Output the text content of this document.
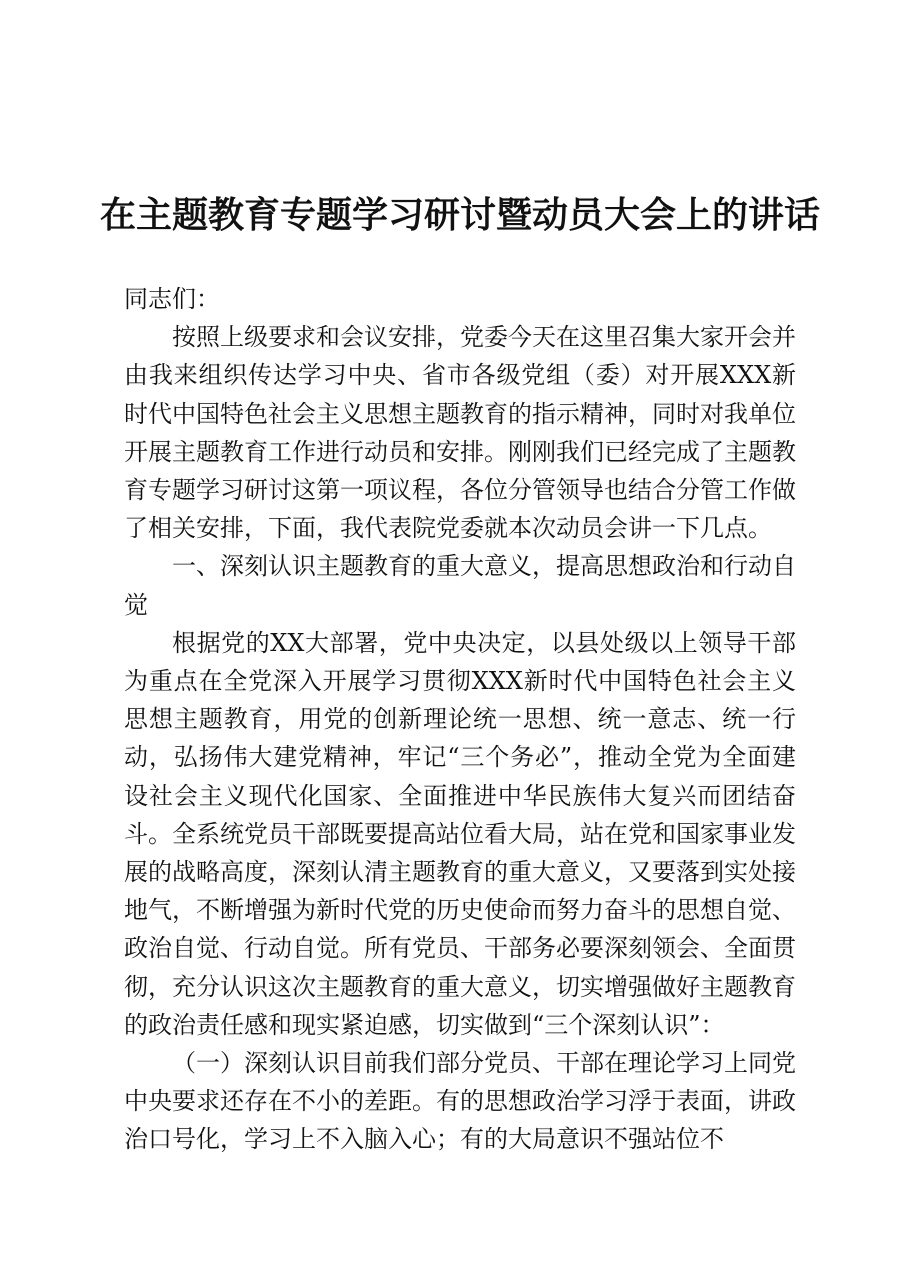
在主题教育专题学习研讨暨动员大会上的讲话

同志们：

按照上级要求和会议安排，党委今天在这里召集大家开会并由我来组织传达学习中央、省市各级党组（委）对开展XXX新时代中国特色社会主义思想主题教育的指示精神，同时对我单位开展主题教育工作进行动员和安排。刚刚我们已经完成了主题教育专题学习研讨这第一项议程，各位分管领导也结合分管工作做了相关安排，下面，我代表院党委就本次动员会讲一下几点。

一、深刻认识主题教育的重大意义，提高思想政治和行动自觉

根据党的XX大部署，党中央决定，以县处级以上领导干部为重点在全党深入开展学习贯彻XXX新时代中国特色社会主义思想主题教育，用党的创新理论统一思想、统一意志、统一行动，弘扬伟大建党精神，牢记“三个务必”，推动全党为全面建设社会主义现代化国家、全面推进中华民族伟大复兴而团结奋斗。全系统党员干部既要提高站位看大局，站在党和国家事业发展的战略高度，深刻认清主题教育的重大意义，又要落到实处接地气，不断增强为新时代党的历史使命而努力奋斗的思想自觉、政治自觉、行动自觉。所有党员、干部务必要深刻领会、全面贯彻，充分认识这次主题教育的重大意义，切实增强做好主题教育的政治责任感和现实紧迫感，切实做到“三个深刻认识”：

（一）深刻认识目前我们部分党员、干部在理论学习上同党中央要求还存在不小的差距。有的思想政治学习浮于表面，讲政治口号化，学习上不入脑入心；有的大局意识不强站位不
